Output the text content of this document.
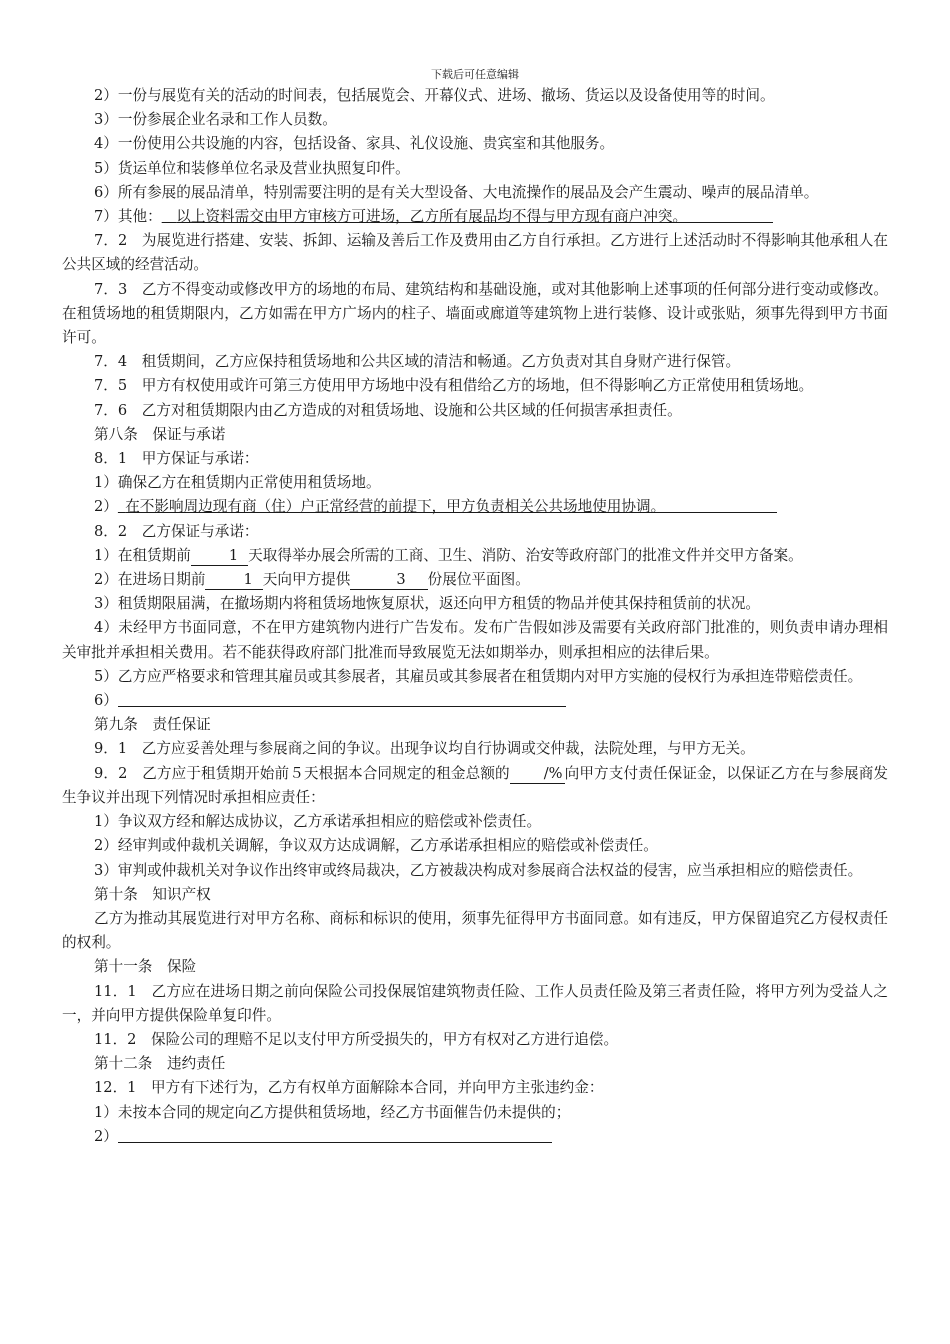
下载后可任意编辑

2）一份与展览有关的活动的时间表，包括展览会、开幕仪式、进场、撤场、货运以及设备使用等的时间。

3）一份参展企业名录和工作人员数。

4）一份使用公共设施的内容，包括设备、家具、礼仪设施、贵宾室和其他服务。

5）货运单位和装修单位名录及营业执照复印件。

6）所有参展的展品清单，特别需要注明的是有关大型设备、大电流操作的展品及会产生震动、噪声的展品清单。

7）其他：  以上资料需交由甲方审核方可进场，乙方所有展品均不得与甲方现有商户冲突。

7．2　为展览进行搭建、安装、拆卸、运输及善后工作及费用由乙方自行承担。乙方进行上述活动时不得影响其他承租人在公共区域的经营活动。

7．3　乙方不得变动或修改甲方的场地的布局、建筑结构和基础设施，或对其他影响上述事项的任何部分进行变动或修改。在租赁场地的租赁期限内，乙方如需在甲方广场内的柱子、墙面或廊道等建筑物上进行装修、设计或张贴，须事先得到甲方书面许可。

7．4　租赁期间，乙方应保持租赁场地和公共区域的清洁和畅通。乙方负责对其自身财产进行保管。

7．5　甲方有权使用或许可第三方使用甲方场地中没有租借给乙方的场地，但不得影响乙方正常使用租赁场地。

7．6　乙方对租赁期限内由乙方造成的对租赁场地、设施和公共区域的任何损害承担责任。

第八条　保证与承诺

8．1　甲方保证与承诺：

1）确保乙方在租赁期内正常使用租赁场地。

2）  在不影响周边现有商（住）户正常经营的前提下，甲方负责相关公共场地使用协调。

8．2　乙方保证与承诺：

1）在租赁期前	1 天取得举办展会所需的工商、卫生、消防、治安等政府部门的批准文件并交甲方备案。

2）在进场日期前	1 天向甲方提供	3 份展位平面图。

3）租赁期限届满，在撤场期内将租赁场地恢复原状，返还向甲方租赁的物品并使其保持租赁前的状况。

4）未经甲方书面同意，不在甲方建筑物内进行广告发布。发布广告假如涉及需要有关政府部门批准的，则负责申请办理相关审批并承担相关费用。若不能获得政府部门批准而导致展览无法如期举办，则承担相应的法律后果。

5）乙方应严格要求和管理其雇员或其参展者，其雇员或其参展者在租赁期内对甲方实施的侵权行为承担连带赔偿责任。

6）

第九条　责任保证

9．1　乙方应妥善处理与参展商之间的争议。出现争议均自行协调或交仲裁，法院处理，与甲方无关。

9．2　乙方应于租赁期开始前５天根据本合同规定的租金总额的 /% 向甲方支付责任保证金，以保证乙方在与参展商发生争议并出现下列情况时承担相应责任：

1）争议双方经和解达成协议，乙方承诺承担相应的赔偿或补偿责任。

2）经审判或仲裁机关调解，争议双方达成调解，乙方承诺承担相应的赔偿或补偿责任。

3）审判或仲裁机关对争议作出终审或终局裁决，乙方被裁决构成对参展商合法权益的侵害，应当承担相应的赔偿责任。

第十条　知识产权

乙方为推动其展览进行对甲方名称、商标和标识的使用，须事先征得甲方书面同意。如有违反，甲方保留追究乙方侵权责任的权利。

第十一条　保险

11．1　乙方应在进场日期之前向保险公司投保展馆建筑物责任险、工作人员责任险及第三者责任险，将甲方列为受益人之一，并向甲方提供保险单复印件。

11．2　保险公司的理赔不足以支付甲方所受损失的，甲方有权对乙方进行追偿。

第十二条　违约责任

12．1　甲方有下述行为，乙方有权单方面解除本合同，并向甲方主张违约金：

1）未按本合同的规定向乙方提供租赁场地，经乙方书面催告仍未提供的；

2）
